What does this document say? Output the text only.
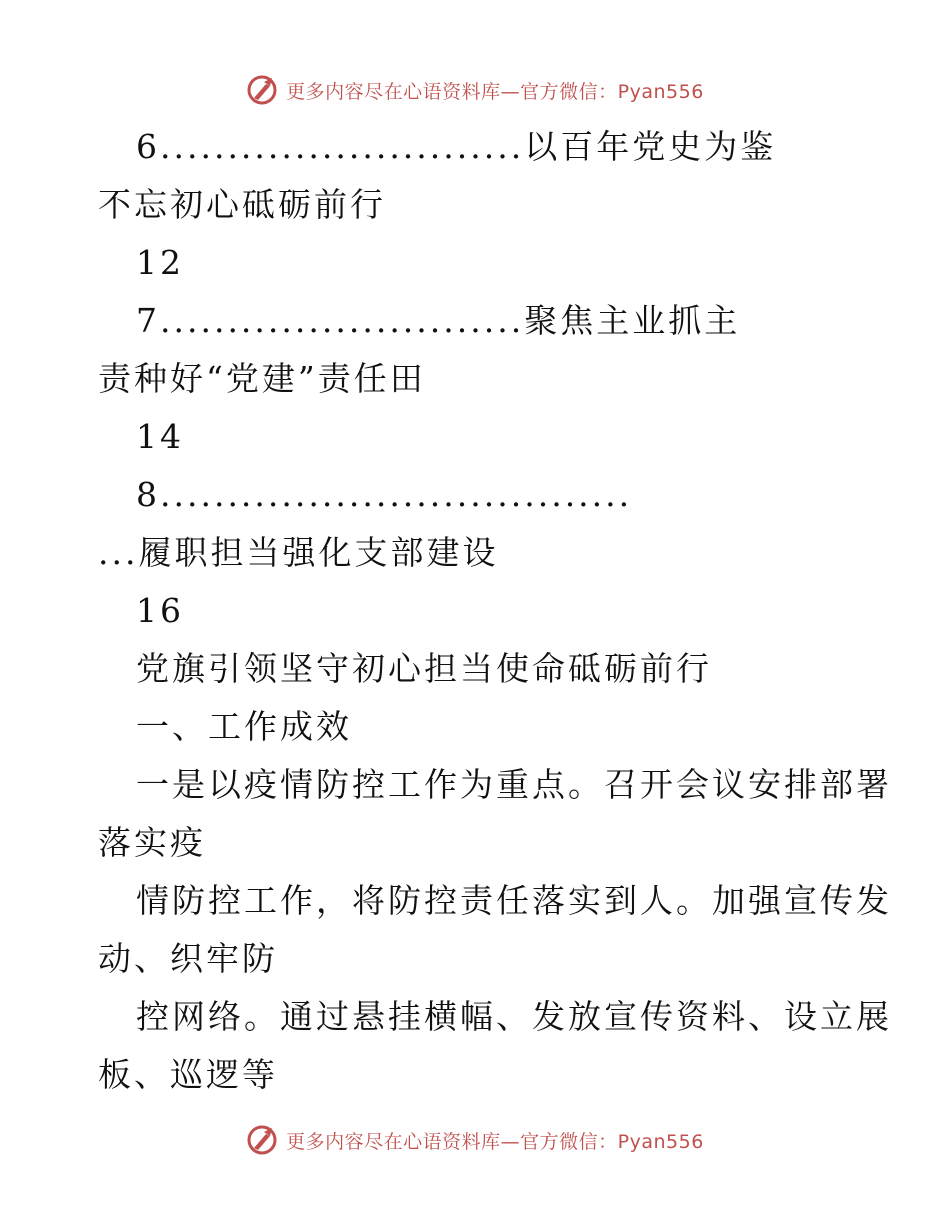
更多内容尽在心语资料库—官方微信：Pyan556
6...........................以百年党史为鉴
不忘初心砥砺前行
12
7...........................聚焦主业抓主
责种好“党建”责任田
14
8...................................
...履职担当强化支部建设
16
党旗引领坚守初心担当使命砥砺前行
一、工作成效
一是以疫情防控工作为重点。召开会议安排部署
落实疫
情防控工作，将防控责任落实到人。加强宣传发
动、织牢防
控网络。通过悬挂横幅、发放宣传资料、设立展
板、巡逻等
更多内容尽在心语资料库—官方微信：Pyan556
